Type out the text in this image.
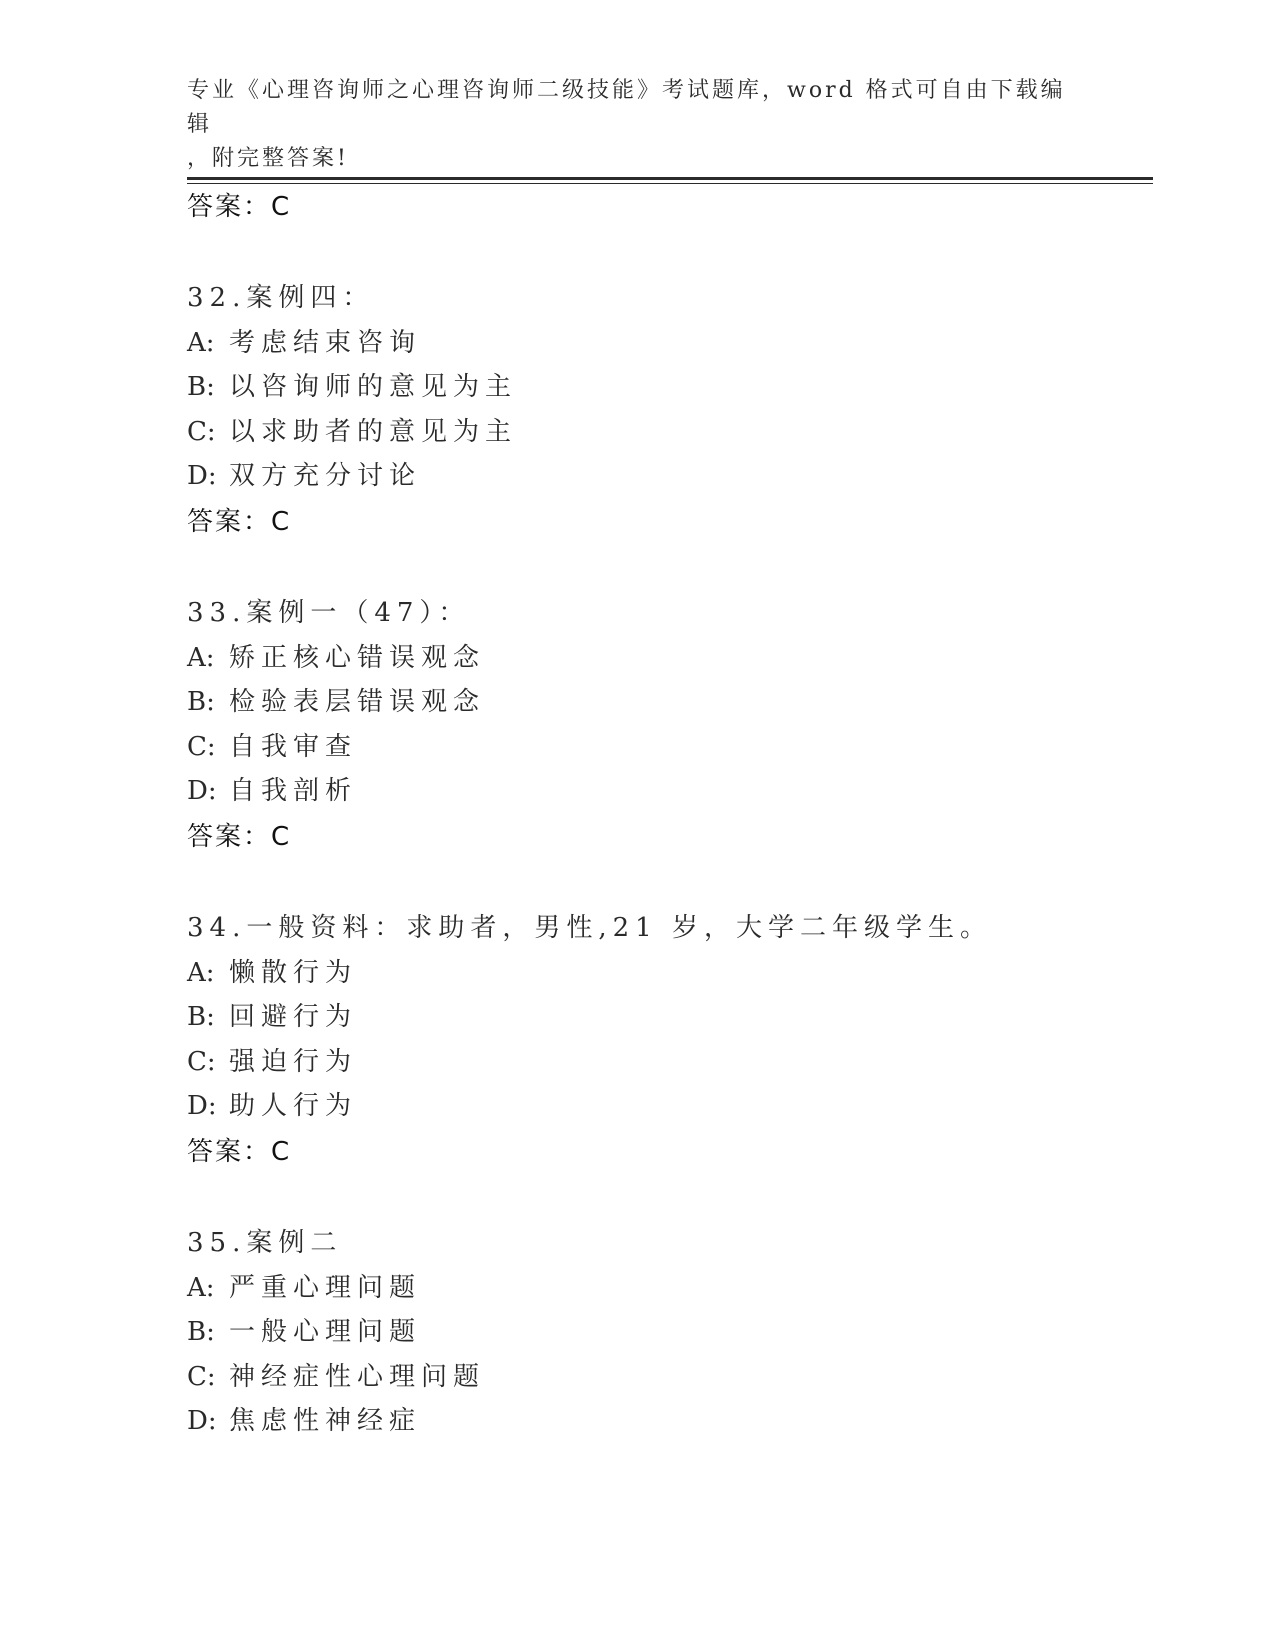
专业《心理咨询师之心理咨询师二级技能》考试题库，word 格式可自由下载编辑
，附完整答案!
答案：C
32.案例四：
A: 考虑结束咨询
B: 以咨询师的意见为主
C: 以求助者的意见为主
D: 双方充分讨论
答案：C
33.案例一（47）：
A: 矫正核心错误观念
B: 检验表层错误观念
C: 自我审查
D: 自我剖析
答案：C
34.一般资料：求助者，男性,21 岁，大学二年级学生。
A: 懒散行为
B: 回避行为
C: 强迫行为
D: 助人行为
答案：C
35.案例二
A: 严重心理问题
B: 一般心理问题
C: 神经症性心理问题
D: 焦虑性神经症
